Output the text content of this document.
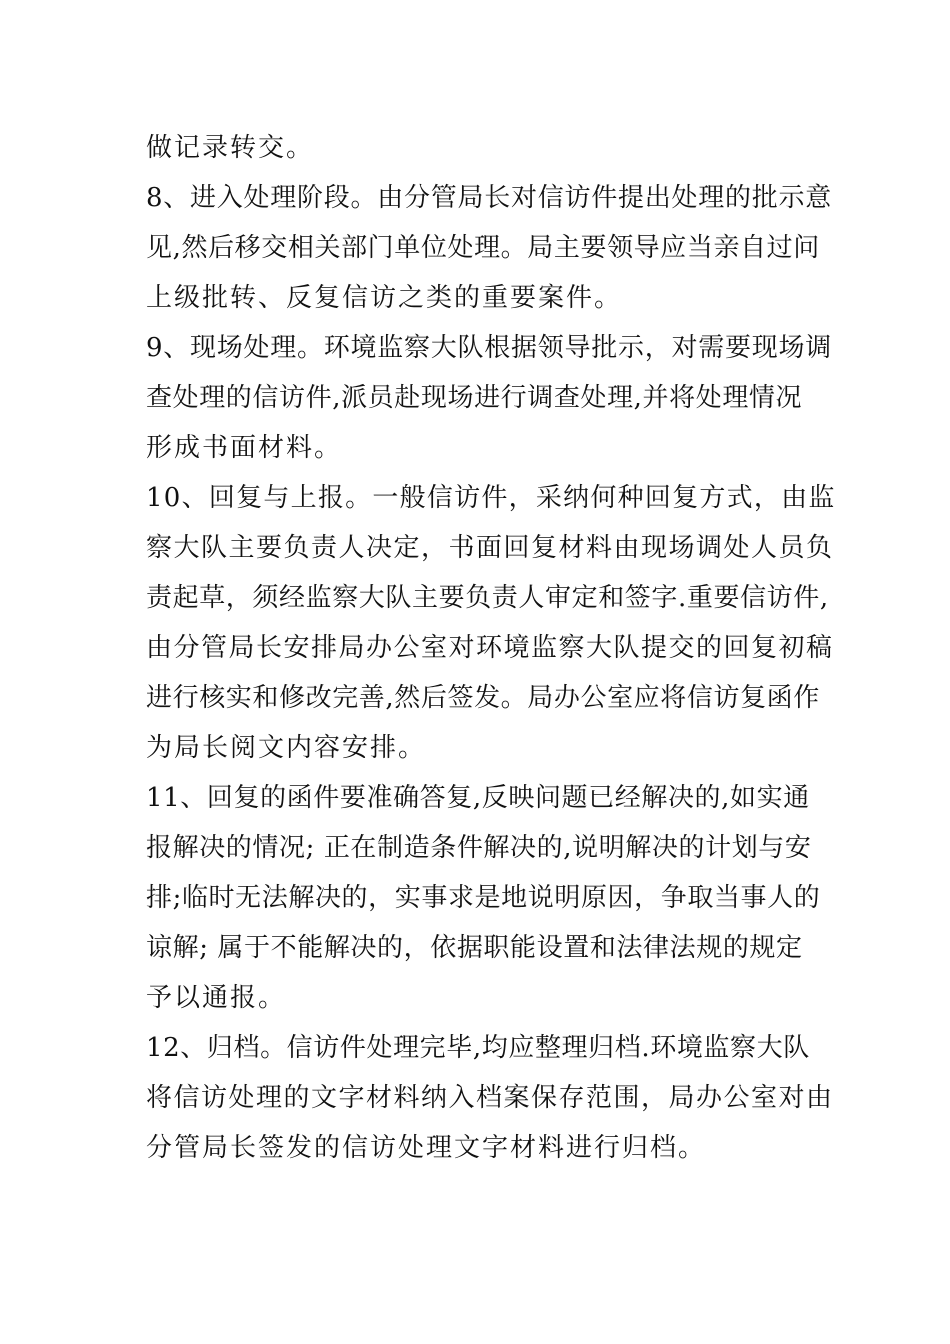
做记录转交。
8、进入处理阶段。由分管局长对信访件提出处理的批示意
见,然后移交相关部门单位处理。局主要领导应当亲自过问
上级批转、反复信访之类的重要案件。
9、现场处理。环境监察大队根据领导批示，对需要现场调
查处理的信访件,派员赴现场进行调查处理,并将处理情况
形成书面材料。
10、回复与上报。一般信访件，采纳何种回复方式，由监
察大队主要负责人决定，书面回复材料由现场调处人员负
责起草，须经监察大队主要负责人审定和签字.重要信访件,
由分管局长安排局办公室对环境监察大队提交的回复初稿
进行核实和修改完善,然后签发。局办公室应将信访复函作
为局长阅文内容安排。
11、回复的函件要准确答复,反映问题已经解决的,如实通
报解决的情况; 正在制造条件解决的,说明解决的计划与安
排;临时无法解决的，实事求是地说明原因，争取当事人的
谅解; 属于不能解决的，依据职能设置和法律法规的规定
予以通报。
12、归档。信访件处理完毕,均应整理归档.环境监察大队
将信访处理的文字材料纳入档案保存范围，局办公室对由
分管局长签发的信访处理文字材料进行归档。
